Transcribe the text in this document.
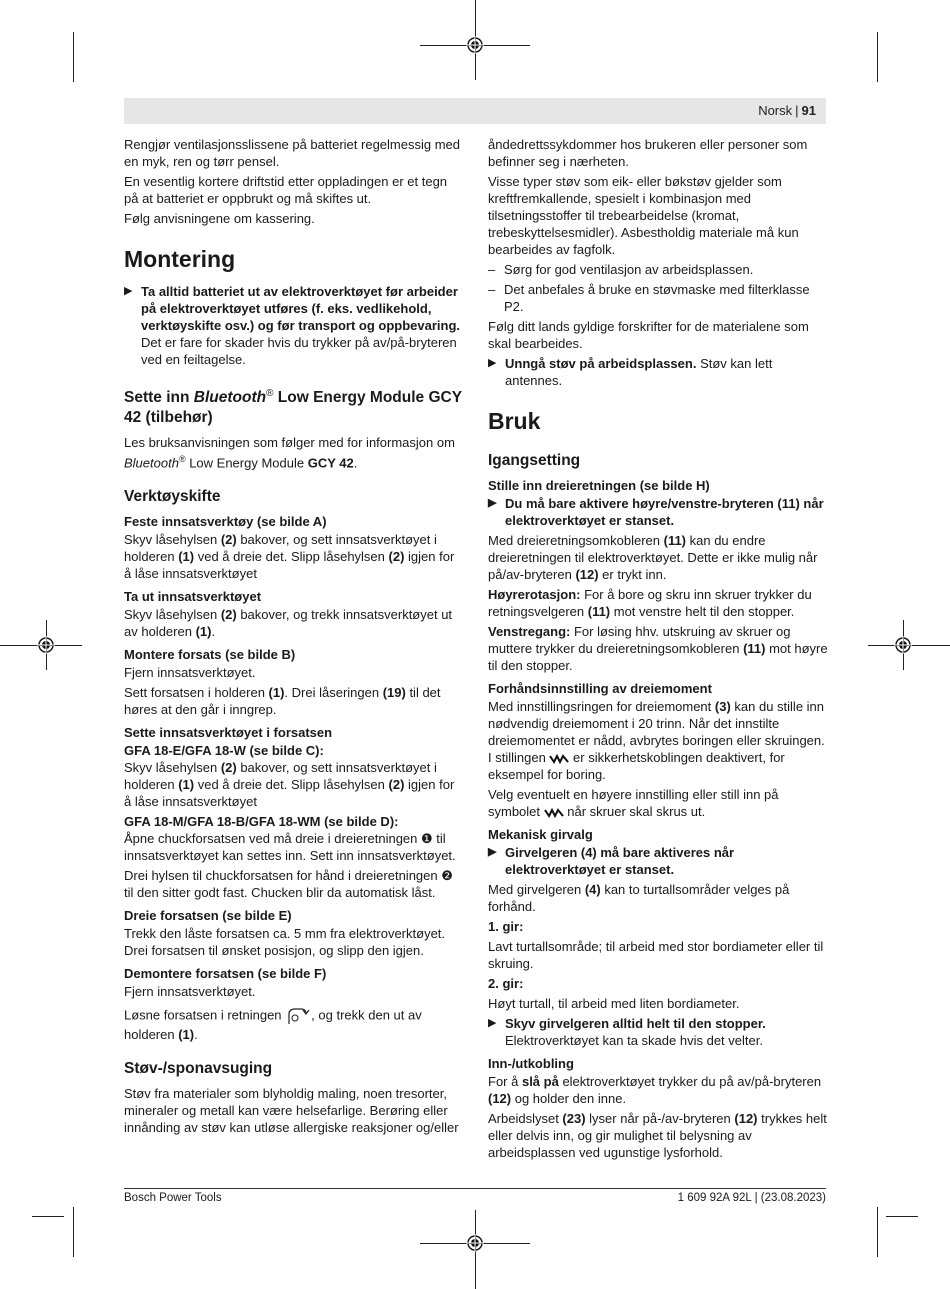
Norsk | 91

Rengjør ventilasjonsslissene på batteriet regelmessig med en myk, ren og tørr pensel.

En vesentlig kortere driftstid etter oppladingen er et tegn på at batteriet er oppbrukt og må skiftes ut.

Følg anvisningene om kassering.

Montering
▶ Ta alltid batteriet ut av elektroverktøyet før arbeider på elektroverktøyet utføres (f. eks. vedlikehold, verktøyskifte osv.) og før transport og oppbevaring. Det er fare for skader hvis du trykker på av/på-bryteren ved en feiltagelse.
Sette inn Bluetooth® Low Energy Module GCY 42 (tilbehør)

Les bruksanvisningen som følger med for informasjon om
Bluetooth® Low Energy Module GCY 42.

Verktøyskifte
Feste innsatsverktøy (se bilde A)

Skyv låsehylsen (2) bakover, og sett innsatsverktøyet i holderen (1) ved å dreie det. Slipp låsehylsen (2) igjen for å låse innsatsverktøyet

Ta ut innsatsverktøyet

Skyv låsehylsen (2) bakover, og trekk innsatsverktøyet ut av holderen (1).

Montere forsats (se bilde B)

Fjern innsatsverktøyet.

Sett forsatsen i holderen (1). Drei låseringen (19) til det høres at den går i inngrep.

Sette innsatsverktøyet i forsatsen
GFA 18-E/GFA 18-W (se bilde C):

Skyv låsehylsen (2) bakover, og sett innsatsverktøyet i holderen (1) ved å dreie det. Slipp låsehylsen (2) igjen for å låse innsatsverktøyet

GFA 18-M/GFA 18-B/GFA 18-WM (se bilde D):

Åpne chuckforsatsen ved må dreie i dreieretningen ❶ til innsatsverktøyet kan settes inn. Sett inn innsatsverktøyet.

Drei hylsen til chuckforsatsen for hånd i dreieretningen ❷ til den sitter godt fast. Chucken blir da automatisk låst.

Dreie forsatsen (se bilde E)

Trekk den låste forsatsen ca. 5 mm fra elektroverktøyet. Drei forsatsen til ønsket posisjon, og slipp den igjen.

Demontere forsatsen (se bilde F)

Fjern innsatsverktøyet.

Løsne forsatsen i retningen , og trekk den ut av holderen (1).

Støv-/sponavsuging

Støv fra materialer som blyholdig maling, noen tresorter, mineraler og metall kan være helsefarlige. Berøring eller innånding av støv kan utløse allergiske reaksjoner og/eller

åndedrettssykdommer hos brukeren eller personer som befinner seg i nærheten.

Visse typer støv som eik- eller bøkstøv gjelder som kreftfremkallende, spesielt i kombinasjon med tilsetningsstoffer til trebearbeidelse (kromat, trebeskyttelsesmidler). Asbestholdig materiale må kun bearbeides av fagfolk.

– Sørg for god ventilasjon av arbeidsplassen.
– Det anbefales å bruke en støvmaske med filterklasse P2.

Følg ditt lands gyldige forskrifter for de materialene som skal bearbeides.

▶ Unngå støv på arbeidsplassen. Støv kan lett antennes.
Bruk
Igangsetting
Stille inn dreieretningen (se bilde H)
▶ Du må bare aktivere høyre/venstre-bryteren (11) når elektroverktøyet er stanset.

Med dreieretningsomkobleren (11) kan du endre dreieretningen til elektroverktøyet. Dette er ikke mulig når på/av-bryteren (12) er trykt inn.

Høyrerotasjon: For å bore og skru inn skruer trykker du retningsvelgeren (11) mot venstre helt til den stopper.

Venstregang: For løsing hhv. utskruing av skruer og muttere trykker du dreieretningsomkobleren (11) mot høyre til den stopper.

Forhåndsinnstilling av dreiemoment

Med innstillingsringen for dreiemoment (3) kan du stille inn nødvendig dreiemoment i 20 trinn. Når det innstilte dreiemomentet er nådd, avbrytes boringen eller skruingen. I stillingen  er sikkerhetskoblingen deaktivert, for eksempel for boring.

Velg eventuelt en høyere innstilling eller still inn på symbolet  når skruer skal skrus ut.

Mekanisk girvalg
▶ Girvelgeren (4) må bare aktiveres når elektroverktøyet er stanset.

Med girvelgeren (4) kan to turtallsområder velges på forhånd.

1. gir:

Lavt turtallsområde; til arbeid med stor bordiameter eller til skruing.

2. gir:

Høyt turtall, til arbeid med liten bordiameter.

▶ Skyv girvelgeren alltid helt til den stopper.
Elektroverktøyet kan ta skade hvis det velter.
Inn-/utkobling

For å slå på elektroverktøyet trykker du på av/på-bryteren (12) og holder den inne.

Arbeidslyset (23) lyser når på-/av-bryteren (12) trykkes helt eller delvis inn, og gir mulighet til belysning av arbeidsplassen ved ugunstige lysforhold.

Bosch Power Tools	1 609 92A 92L | (23.08.2023)
